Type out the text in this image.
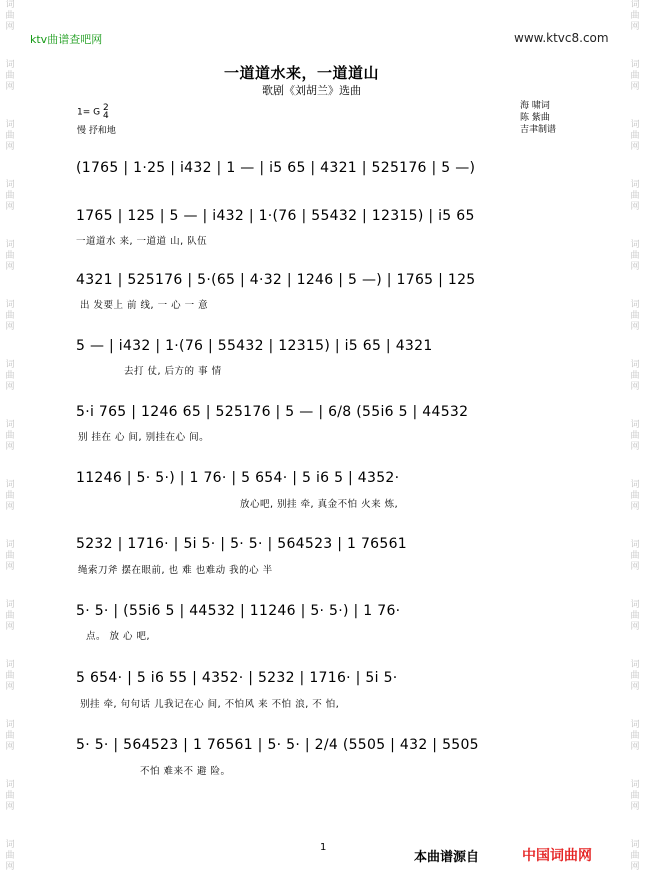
词
曲
网
词
曲
网
词
曲
网
词
曲
网
词
曲
网
词
曲
网
词
曲
网
词
曲
网
词
曲
网
词
曲
网
词
曲
网
词
曲
网
词
曲
网
词
曲
网
词
曲
网
词
曲
网
词
曲
网
词
曲
网
词
曲
网
词
曲
网
词
曲
网
词
曲
网
词
曲
网
词
曲
网
词
曲
网
词
曲
网
词
曲
网
词
曲
网
词
曲
网
词
曲
网
ktv曲谱查吧网	www.ktvc8.com
一道道水来，一道道山
歌剧《刘胡兰》选曲
1= G 2
4
慢 抒和地
海 啸词
陈 紫曲
吉聿制谱
(1765 | 1·25 | i432 | 1 — | i5 65 | 4321 | 525176 | 5 —)
1765 | 125 | 5 — | i432 | 1·(76 | 55432 | 12315) | i5 65
一道道水 来, 一道道 山, 队伍
4321 | 525176 | 5·(65 | 4·32 | 1246 | 5 —) | 1765 | 125
出 发要上 前 线, 一 心 一 意
5 — | i432 | 1·(76 | 55432 | 12315) | i5 65 | 4321
去打 仗, 后方的 事 情
5·i 765 | 1246 65 | 525176 | 5 — | 6/8 (55i6 5 | 44532
别 挂在 心 间, 别挂在心 间。
11246 | 5· 5·) | 1 76· | 5 654· | 5 i6 5 | 4352·
放心吧, 别挂 牵, 真金不怕 火来 炼,
5232 | 1716· | 5i 5· | 5· 5· | 564523 | 1 76561
绳索刀斧 摆在眼前, 也 难 也难动 我的心 半
5· 5· | (55i6 5 | 44532 | 11246 | 5· 5·) | 1 76·
点。 放 心 吧,
5 654· | 5 i6 55 | 4352· | 5232 | 1716· | 5i 5·
别挂 牵, 句句话 儿我记在心 间, 不怕风 来 不怕 浪, 不 怕,
5· 5· | 564523 | 1 76561 | 5· 5· | 2/4 (5505 | 432 | 5505
不怕 难来不 避 险。
1
本曲谱源自	中国词曲网
